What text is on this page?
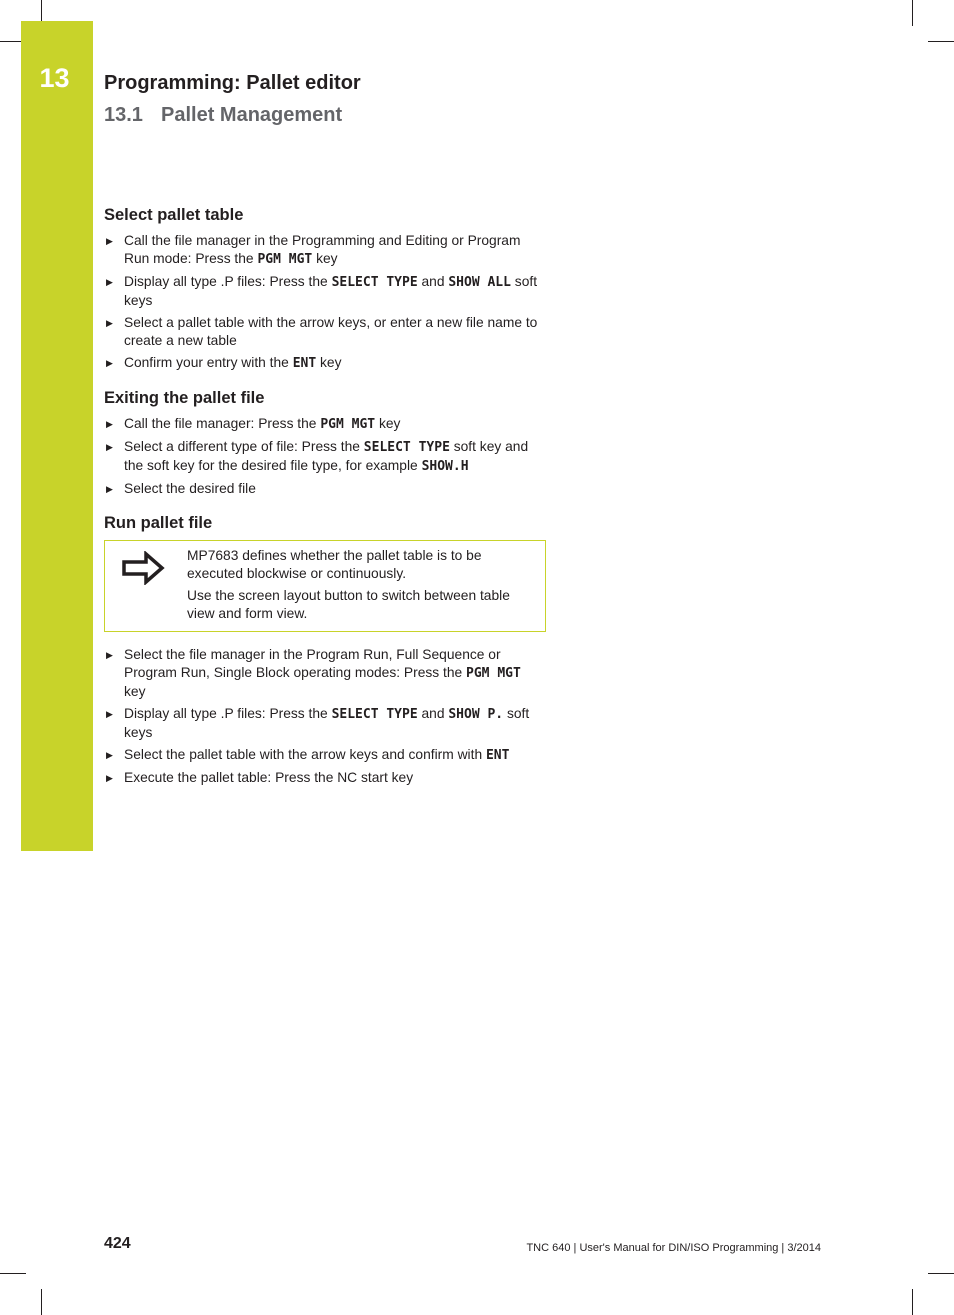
13	Programming: Pallet editor
13.1 Pallet Management
Select pallet table
▶ Call the file manager in the Programming and Editing or Program Run mode: Press the PGM MGT key
▶ Display all type .P files: Press the SELECT TYPE and SHOW ALL soft keys
▶ Select a pallet table with the arrow keys, or enter a new file name to create a new table
▶ Confirm your entry with the ENT key
Exiting the pallet file
▶ Call the file manager: Press the PGM MGT key
▶ Select a different type of file: Press the SELECT TYPE soft key and the soft key for the desired file type, for example SHOW.H
▶ Select the desired file
Run pallet file

MP7683 defines whether the pallet table is to be executed blockwise or continuously.

Use the screen layout button to switch between table view and form view.

▶ Select the file manager in the Program Run, Full Sequence or Program Run, Single Block operating modes: Press the PGM MGT key
▶ Display all type .P files: Press the SELECT TYPE and SHOW P. soft keys
▶ Select the pallet table with the arrow keys and confirm with ENT
▶ Execute the pallet table: Press the NC start key
424	TNC 640 | User's Manual for DIN/ISO Programming | 3/2014
